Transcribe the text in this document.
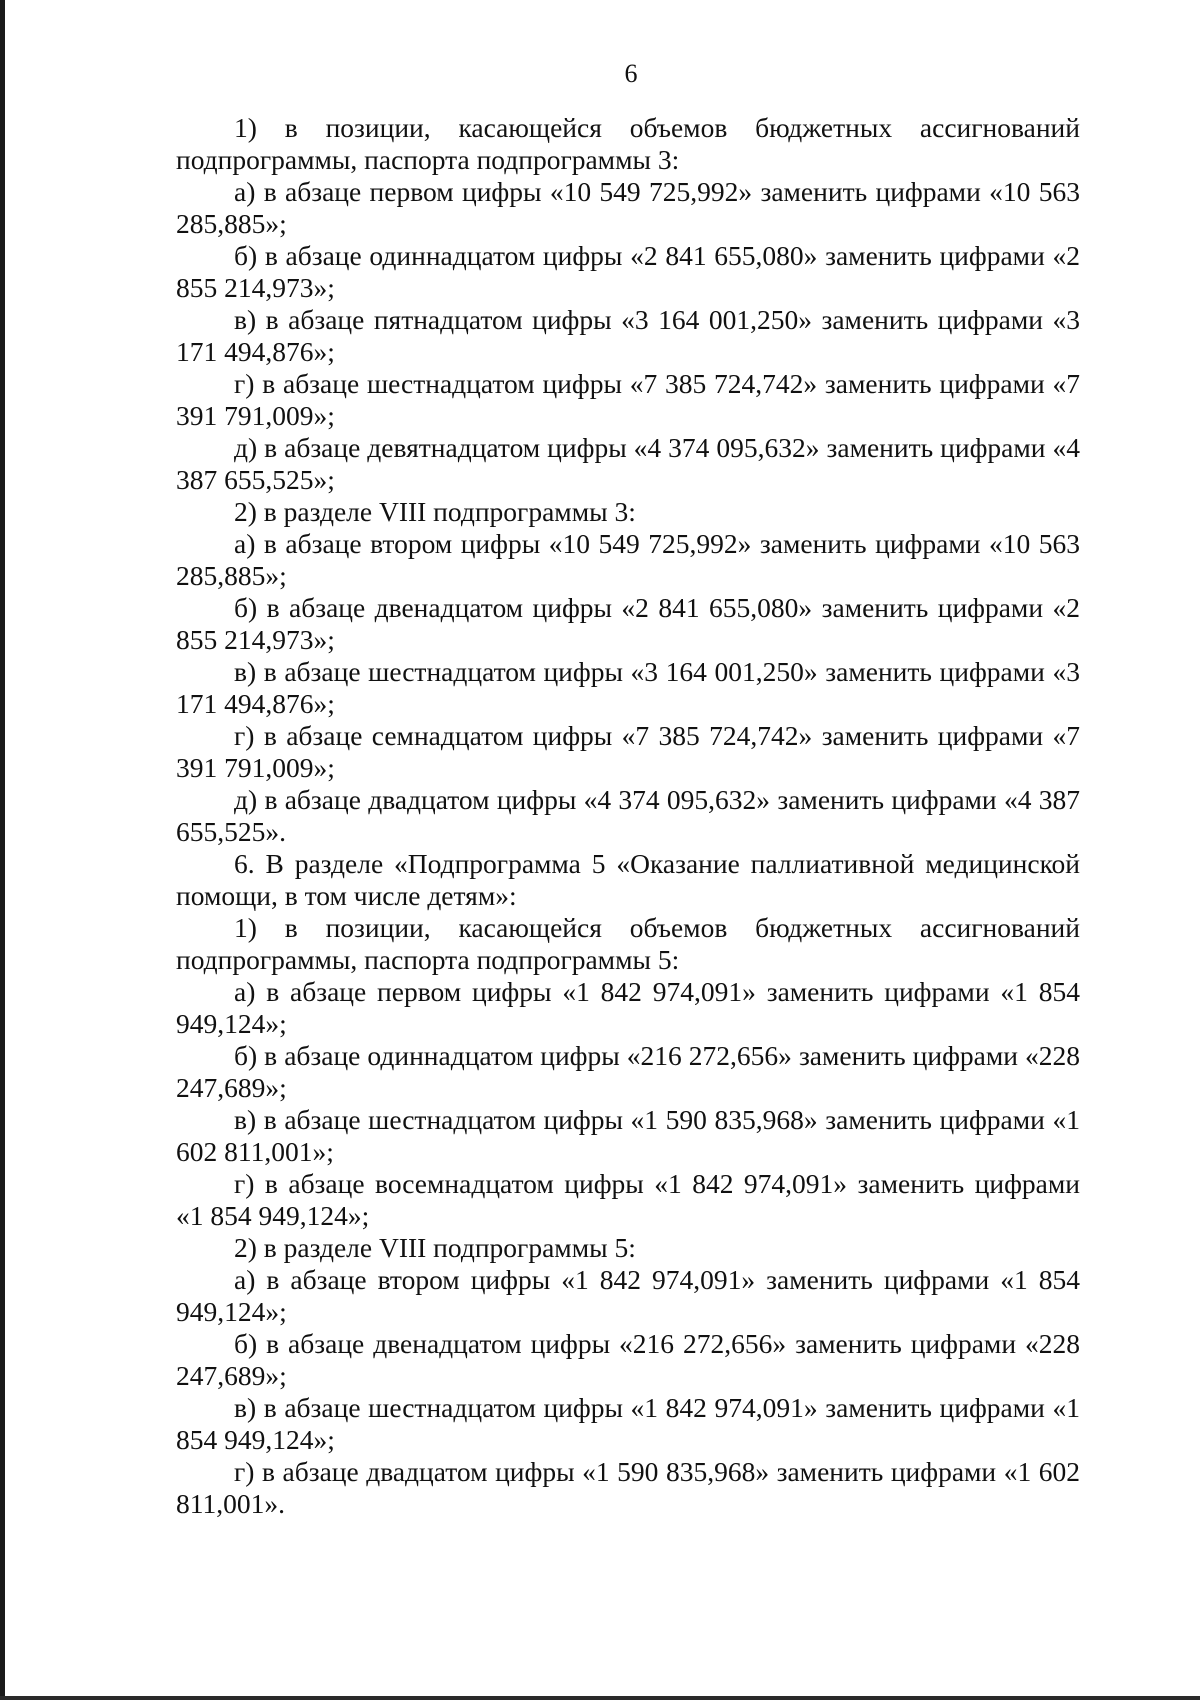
6

1) в позиции, касающейся объемов бюджетных ассигнований подпрограммы, паспорта подпрограммы 3:

а) в абзаце первом цифры «10 549 725,992» заменить цифрами «10 563 285,885»;

б) в абзаце одиннадцатом цифры «2 841 655,080» заменить цифрами «2 855 214,973»;

в) в абзаце пятнадцатом цифры «3 164 001,250» заменить цифрами «3 171 494,876»;

г) в абзаце шестнадцатом цифры «7 385 724,742» заменить цифрами «7 391 791,009»;

д) в абзаце девятнадцатом цифры «4 374 095,632» заменить цифрами «4 387 655,525»;

2) в разделе VIII подпрограммы 3:

а) в абзаце втором цифры «10 549 725,992» заменить цифрами «10 563 285,885»;

б) в абзаце двенадцатом цифры «2 841 655,080» заменить цифрами «2 855 214,973»;

в) в абзаце шестнадцатом цифры «3 164 001,250» заменить цифрами «3 171 494,876»;

г) в абзаце семнадцатом цифры «7 385 724,742» заменить цифрами «7 391 791,009»;

д) в абзаце двадцатом цифры «4 374 095,632» заменить цифрами «4 387 655,525».

6. В разделе «Подпрограмма 5 «Оказание паллиативной медицинской помощи, в том числе детям»:

1) в позиции, касающейся объемов бюджетных ассигнований подпрограммы, паспорта подпрограммы 5:

а) в абзаце первом цифры «1 842 974,091» заменить цифрами «1 854 949,124»;

б) в абзаце одиннадцатом цифры «216 272,656» заменить цифрами «228 247,689»;

в) в абзаце шестнадцатом цифры «1 590 835,968» заменить цифрами «1 602 811,001»;

г) в абзаце восемнадцатом цифры «1 842 974,091» заменить цифрами «1 854 949,124»;

2) в разделе VIII подпрограммы 5:

а) в абзаце втором цифры «1 842 974,091» заменить цифрами «1 854 949,124»;

б) в абзаце двенадцатом цифры «216 272,656» заменить цифрами «228 247,689»;

в) в абзаце шестнадцатом цифры «1 842 974,091» заменить цифрами «1 854 949,124»;

г) в абзаце двадцатом цифры «1 590 835,968» заменить цифрами «1 602 811,001».
